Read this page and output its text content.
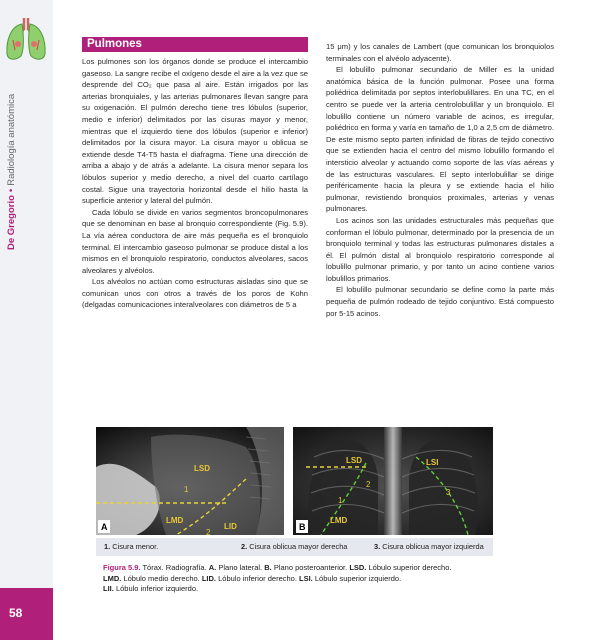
De Gregorio•Radiología anatómica
58
Pulmones

Los pulmones son los órganos donde se produce el intercambio gaseoso. La sangre recibe el oxígeno desde el aire a la vez que se desprende del CO₂ que pasa al aire. Están irrigados por las arterias bronquiales, y las arterias pulmonares llevan sangre para su oxigenación. El pulmón derecho tiene tres lóbulos (superior, medio e inferior) delimitados por las cisuras mayor y menor, mientras que el izquierdo tiene dos lóbulos (superior e inferior) delimitados por la cisura mayor. La cisura mayor u oblicua se extiende desde T4-T5 hasta el diafragma. Tiene una dirección de arriba a abajo y de atrás a adelante. La cisura menor separa los lóbulos superior y medio derecho, a nivel del cuarto cartílago costal. Sigue una trayectoria horizontal desde el hilio hasta la superficie anterior y lateral del pulmón.

Cada lóbulo se divide en varios segmentos broncopulmonares que se denominan en base al bronquio correspondiente (Fig. 5.9). La vía aérea conductora de aire más pequeña es el bronquiolo terminal. El intercambio gaseoso pulmonar se produce distal a los mismos en el bronquiolo respiratorio, conductos alveolares, sacos alveolares y alvéolos.

Los alvéolos no actúan como estructuras aisladas sino que se comunican unos con otros a través de los poros de Kohn (delgadas comunicaciones interalveolares con diámetros de 5 a

15 μm) y los canales de Lambert (que comunican los bronquiolos terminales con el alvéolo adyacente).

El lobulillo pulmonar secundario de Miller es la unidad anatómica básica de la función pulmonar. Posee una forma poliédrica delimitada por septos interlobulillares. En una TC, en el centro se puede ver la arteria centrolobulillar y un bronquiolo. El lobulillo contiene un número variable de acinos, es irregular, poliédrico en forma y varía en tamaño de 1,0 a 2,5 cm de diámetro. De este mismo septo parten infinidad de fibras de tejido conectivo que se extienden hacia el centro del mismo lobulillo formando el intersticio alveolar y actuando como soporte de las vías aéreas y de las estructuras vasculares. El septo interlobulillar se dirige periféricamente hacia la pleura y se extiende hacia el hilio pulmonar, revistiendo bronquios proximales, arterias y venas pulmonares.

Los acinos son las unidades estructurales más pequeñas que conforman el lóbulo pulmonar, determinado por la presencia de un bronquiolo terminal y todas las estructuras pulmonares distales a él. El pulmón distal al bronquiolo respiratorio corresponde al lobulillo pulmonar primario, y por tanto un acino contiene varios lobulillos primarios.

El lobulillo pulmonar secundario se define como la parte más pequeña de pulmón rodeado de tejido conjuntivo. Está compuesto por 5-15 acinos.

A
LSD
1
LMD
2
LID	B
LSD	LSI
2
3
1
LMD
1. Cisura menor.	2. Cisura oblicua mayor derecha	3. Cisura oblicua mayor izquierda
Figura 5.9. Tórax. Radiografía. A. Plano lateral. B. Plano posteroanterior. LSD. Lóbulo superior derecho.
LMD. Lóbulo medio derecho. LID. Lóbulo inferior derecho. LSI. Lóbulo superior izquierdo.
LII. Lóbulo inferior izquierdo.
